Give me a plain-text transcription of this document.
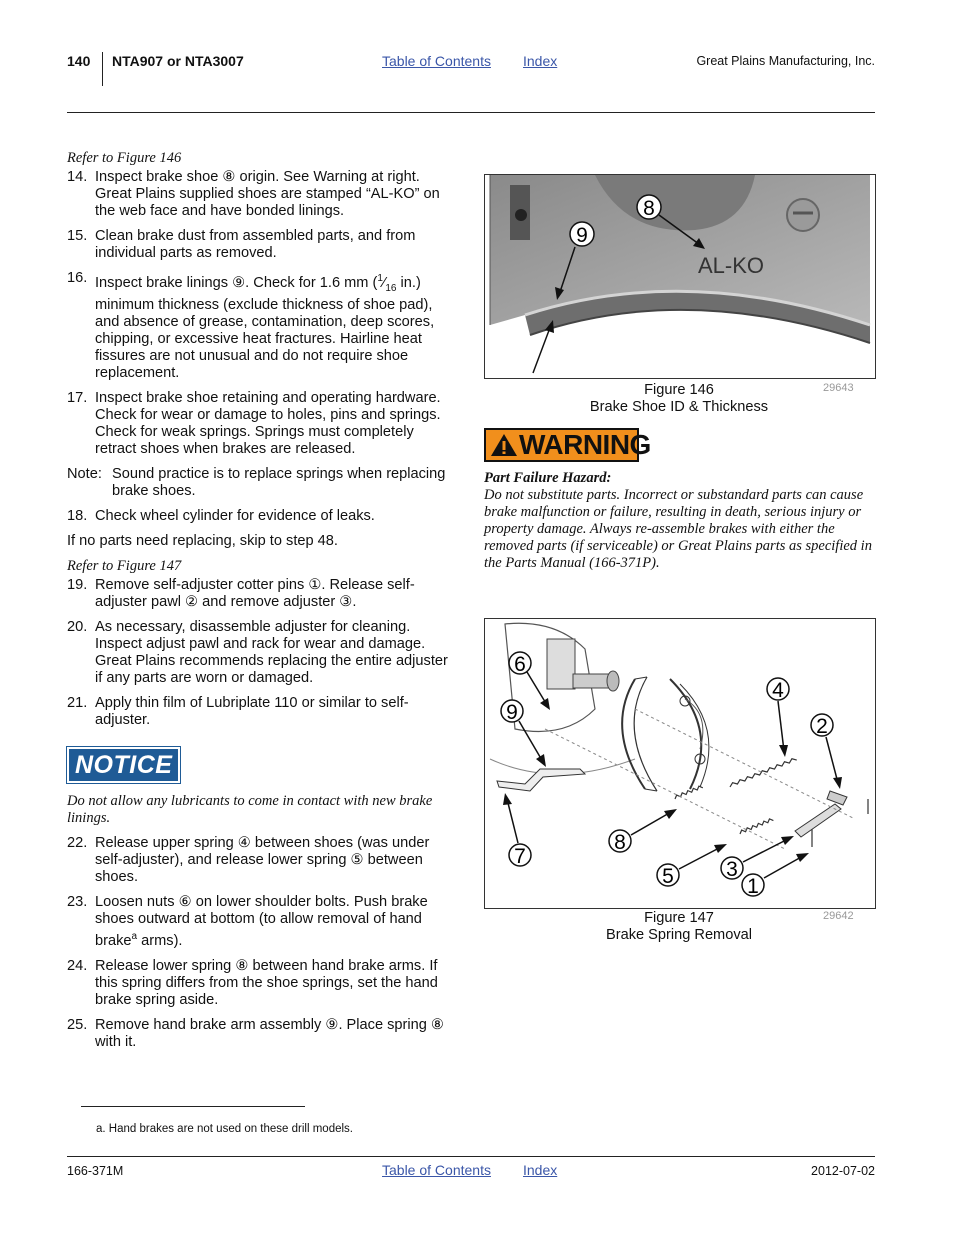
140 NTA907 or NTA3007	Table of Contents Index	Great Plains Manufacturing, Inc.

Refer to Figure 146

14. Inspect brake shoe ⑧ origin. See Warning at right. Great Plains supplied shoes are stamped “AL-KO” on the web face and have bonded linings.
15. Clean brake dust from assembled parts, and from individual parts as removed.
16. Inspect brake linings ⑨. Check for 1.6 mm ($^1⁄_{16}$ in.) minimum thickness (exclude thickness of shoe pad), and absence of grease, contamination, deep scores, chipping, or excessive heat fractures. Hairline heat fissures are not unusual and do not require shoe replacement.
17. Inspect brake shoe retaining and operating hardware. Check for wear or damage to holes, pins and springs. Check for weak springs. Springs must completely retract shoes when brakes are released.
Note: Sound practice is to replace springs when replacing brake shoes.
18. Check wheel cylinder for evidence of leaks.

If no parts need replacing, skip to step 48.

Refer to Figure 147

19. Remove self-adjuster cotter pins ①. Release self-adjuster pawl ② and remove adjuster ③.
20. As necessary, disassemble adjuster for cleaning. Inspect adjust pawl and rack for wear and damage. Great Plains recommends replacing the entire adjuster if any parts are worn or damaged.
21. Apply thin film of Lubriplate 110 or similar to self-adjuster.
NOTICE

Do not allow any lubricants to come in contact with new brake linings.

22. Release upper spring ④ between shoes (was under self-adjuster), and release lower spring ⑤ between shoes.
23. Loosen nuts ⑥ on lower shoulder bolts. Push brake shoes outward at bottom (to allow removal of hand brake$^a$ arms).
24. Release lower spring ⑧ between hand brake arms. If this spring differs from the shoe springs, set the hand brake spring aside.
25. Remove hand brake arm assembly ⑨. Place spring ⑧ with it.
AL-KO
8
9
Figure 146
Brake Shoe ID & Thickness
29643
WARNING
Part Failure Hazard:
Do not substitute parts. Incorrect or substandard parts can cause brake malfunction or failure, resulting in death, serious injury or property damage. Always re-assemble brakes with either the removed parts (if serviceable) or Great Plains parts as specified in the Parts Manual (166-371P).
6
9
4
2
7
8
3
5	1
Figure 147
Brake Spring Removal
29642
a. Hand brakes are not used on these drill models.
166-371M	Table of Contents Index	2012-07-02
